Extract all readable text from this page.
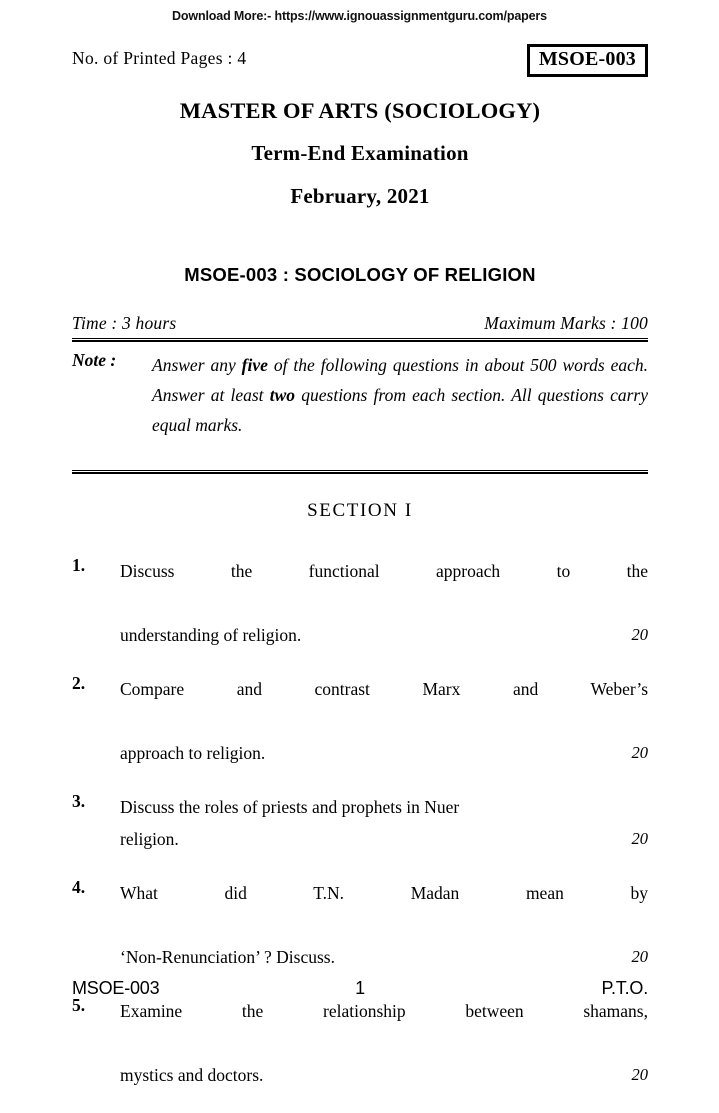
Download More:- https://www.ignouassignmentguru.com/papers
No. of Printed Pages : 4	MSOE-003
MASTER OF ARTS (SOCIOLOGY)
Term-End Examination
February, 2021
MSOE-003 : SOCIOLOGY OF RELIGION
Time : 3 hours	Maximum Marks : 100
Note : Answer any five of the following questions in about 500 words each. Answer at least two questions from each section. All questions carry equal marks.
SECTION I
1.	Discuss the functional approach to the
understanding of religion.	20
2.	Compare and contrast Marx and Weber’s
approach to religion.	20
3.	Discuss the roles of priests and prophets in Nuer
religion.	20
4.	What did T.N. Madan mean by
‘Non-Renunciation’ ? Discuss.	20
5.	Examine the relationship between shamans,
mystics and doctors.	20
MSOE-003	1	P.T.O.
